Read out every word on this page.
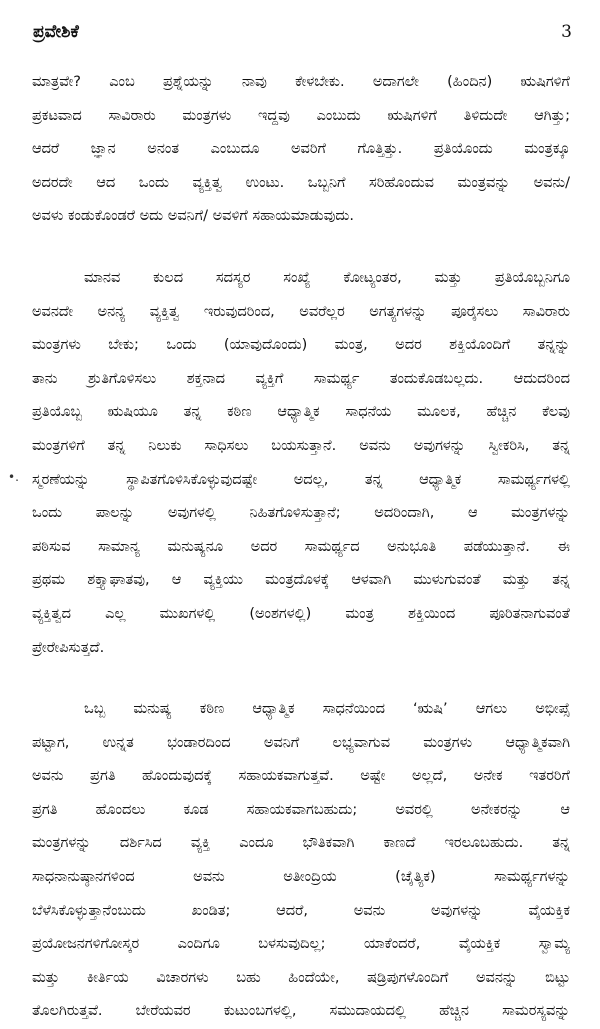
ಪ್ರವೇಶಿಕೆ	3
•.

ಮಾತ್ರವೇ? ಎಂಬ ಪ್ರಶ್ನೆಯನ್ನು ನಾವು ಕೇಳಬೇಕು. ಅದಾಗಲೇ (ಹಿಂದಿನ) ಋಷಿಗಳಿಗೆ
ಪ್ರಕಟವಾದ ಸಾವಿರಾರು ಮಂತ್ರಗಳು ಇದ್ದವು ಎಂಬುದು ಋಷಿಗಳಿಗೆ ತಿಳಿದುದೇ ಆಗಿತ್ತು;
ಆದರೆ ಜ್ಞಾನ ಅನಂತ ಎಂಬುದೂ ಅವರಿಗೆ ಗೊತ್ತಿತ್ತು. ಪ್ರತಿಯೊಂದು ಮಂತ್ರಕ್ಕೂ
ಅದರದೇ ಆದ ಒಂದು ವ್ಯಕ್ತಿತ್ವ ಉಂಟು. ಒಬ್ಬನಿಗೆ ಸರಿಹೊಂದುವ ಮಂತ್ರವನ್ನು ಅವನು/
ಅವಳು ಕಂಡುಕೊಂಡರೆ ಅದು ಅವನಿಗೆ/ ಅವಳಿಗೆ ಸಹಾಯಮಾಡುವುದು.

ಮಾನವ ಕುಲದ ಸದಸ್ಯರ ಸಂಖ್ಯೆ ಕೋಟ್ಯಂತರ, ಮತ್ತು ಪ್ರತಿಯೊಬ್ಬನಿಗೂ
ಅವನದೇ ಅನನ್ಯ ವ್ಯಕ್ತಿತ್ವ ಇರುವುದರಿಂದ, ಅವರೆಲ್ಲರ ಅಗತ್ಯಗಳನ್ನು ಪೂರೈಸಲು ಸಾವಿರಾರು
ಮಂತ್ರಗಳು ಬೇಕು; ಒಂದು (ಯಾವುದೊಂದು) ಮಂತ್ರ, ಅದರ ಶಕ್ತಿಯೊಂದಿಗೆ ತನ್ನನ್ನು
ತಾನು ಶ್ರುತಿಗೊಳಿಸಲು ಶಕ್ತನಾದ ವ್ಯಕ್ತಿಗೆ ಸಾಮರ್ಥ್ಯ ತಂದುಕೊಡಬಲ್ಲದು. ಆದುದರಿಂದ
ಪ್ರತಿಯೊಬ್ಬ ಋಷಿಯೂ ತನ್ನ ಕಠಿಣ ಆಧ್ಯಾತ್ಮಿಕ ಸಾಧನೆಯ ಮೂಲಕ, ಹೆಚ್ಚಿನ ಕೆಲವು
ಮಂತ್ರಗಳಿಗೆ ತನ್ನ ನಿಲುಕು ಸಾಧಿಸಲು ಬಯಸುತ್ತಾನೆ. ಅವನು ಅವುಗಳನ್ನು ಸ್ವೀಕರಿಸಿ, ತನ್ನ
ಸ್ಮರಣೆಯನ್ನು ಸ್ಥಾಪಿತಗೊಳಿಸಿಕೊಳ್ಳುವುದಷ್ಟೇ ಅದಲ್ಲ, ತನ್ನ ಆಧ್ಯಾತ್ಮಿಕ ಸಾಮರ್ಥ್ಯಗಳಲ್ಲಿ
ಒಂದು ಪಾಲನ್ನು ಅವುಗಳಲ್ಲಿ ನಿಹಿತಗೊಳಿಸುತ್ತಾನೆ; ಅದರಿಂದಾಗಿ, ಆ ಮಂತ್ರಗಳನ್ನು
ಪಠಿಸುವ ಸಾಮಾನ್ಯ ಮನುಷ್ಯನೂ ಅದರ ಸಾಮರ್ಥ್ಯದ ಅನುಭೂತಿ ಪಡೆಯುತ್ತಾನೆ. ಈ
ಪ್ರಥಮ ಶಕ್ತ್ಯಾಘಾತವು, ಆ ವ್ಯಕ್ತಿಯು ಮಂತ್ರದೊಳಕ್ಕೆ ಆಳವಾಗಿ ಮುಳುಗುವಂತೆ ಮತ್ತು ತನ್ನ
ವ್ಯಕ್ತಿತ್ವದ ಎಲ್ಲ ಮುಖಗಳಲ್ಲಿ (ಅಂಶಗಳಲ್ಲಿ) ಮಂತ್ರ ಶಕ್ತಿಯಿಂದ ಪೂರಿತನಾಗುವಂತೆ
ಪ್ರೇರೇಪಿಸುತ್ತದೆ.

ಒಬ್ಬ ಮನುಷ್ಯ ಕಠಿಣ ಆಧ್ಯಾತ್ಮಿಕ ಸಾಧನೆಯಿಂದ ‘ಋಷಿ’ ಆಗಲು ಅಭೀಪ್ಸೆ
ಪಟ್ಟಾಗ, ಉನ್ನತ ಭಂಡಾರದಿಂದ ಅವನಿಗೆ ಲಭ್ಯವಾಗುವ ಮಂತ್ರಗಳು ಆಧ್ಯಾತ್ಮಿಕವಾಗಿ
ಅವನು ಪ್ರಗತಿ ಹೊಂದುವುದಕ್ಕೆ ಸಹಾಯಕವಾಗುತ್ತವೆ. ಅಷ್ಟೇ ಅಲ್ಲದೆ, ಅನೇಕ ಇತರರಿಗೆ
ಪ್ರಗತಿ ಹೊಂದಲು ಕೂಡ ಸಹಾಯಕವಾಗಬಹುದು; ಅವರಲ್ಲಿ ಅನೇಕರನ್ನು ಆ
ಮಂತ್ರಗಳನ್ನು ದರ್ಶಿಸಿದ ವ್ಯಕ್ತಿ ಎಂದೂ ಭೌತಿಕವಾಗಿ ಕಾಣದೆ ಇರಲೂಬಹುದು. ತನ್ನ
ಸಾಧನಾನುಷ್ಠಾನಗಳಿಂದ ಅವನು ಅತೀಂದ್ರಿಯ (ಚೈತ್ಯಿಕ) ಸಾಮರ್ಥ್ಯಗಳನ್ನು
ಬೆಳೆಸಿಕೊಳ್ಳುತ್ತಾನೆಂಬುದು ಖಂಡಿತ; ಆದರೆ, ಅವನು ಅವುಗಳನ್ನು ವೈಯಕ್ತಿಕ
ಪ್ರಯೋಜನಗಳಿಗೋಸ್ಕರ ಎಂದಿಗೂ ಬಳಸುವುದಿಲ್ಲ; ಯಾಕೆಂದರೆ, ವೈಯಕ್ತಿಕ ಸ್ವಾಮ್ಯ
ಮತ್ತು ಕೀರ್ತಿಯ ವಿಚಾರಗಳು ಬಹು ಹಿಂದೆಯೇ, ಷಡ್ರಿಪುಗಳೊಂದಿಗೆ ಅವನನ್ನು ಬಿಟ್ಟು
ತೊಲಗಿರುತ್ತವೆ. ಬೇರೆಯವರ ಕುಟುಂಬಗಳಲ್ಲಿ, ಸಮುದಾಯದಲ್ಲಿ ಹೆಚ್ಚಿನ ಸಾಮರಸ್ಯವನ್ನು
